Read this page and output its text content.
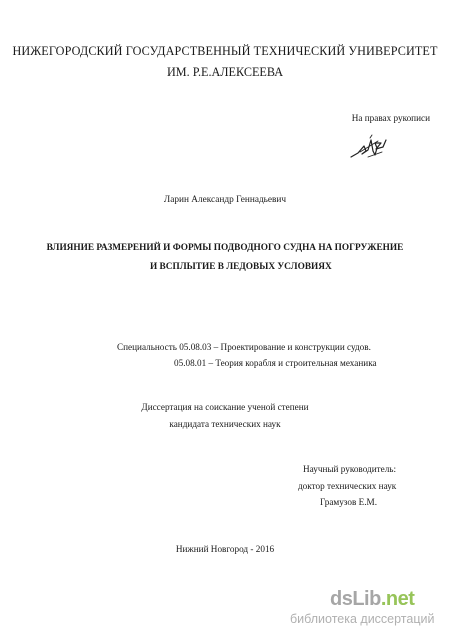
НИЖЕГОРОДСКИЙ ГОСУДАРСТВЕННЫЙ ТЕХНИЧЕСКИЙ УНИВЕРСИТЕТ
ИМ. Р.Е.АЛЕКСЕЕВА
На правах рукописи
Ларин Александр Геннадьевич
ВЛИЯНИЕ РАЗМЕРЕНИЙ И ФОРМЫ ПОДВОДНОГО СУДНА НА ПОГРУЖЕНИЕ
И ВСПЛЫТИЕ В ЛЕДОВЫХ УСЛОВИЯХ
Специальность 05.08.03 – Проектирование и конструкции судов.
05.08.01 – Теория корабля и строительная механика
Диссертация на соискание ученой степени
кандидата технических наук
Научный руководитель:
доктор технических наук
Грамузов Е.М.
Нижний Новгород - 2016
dsLib.net
библиотека диссертаций
